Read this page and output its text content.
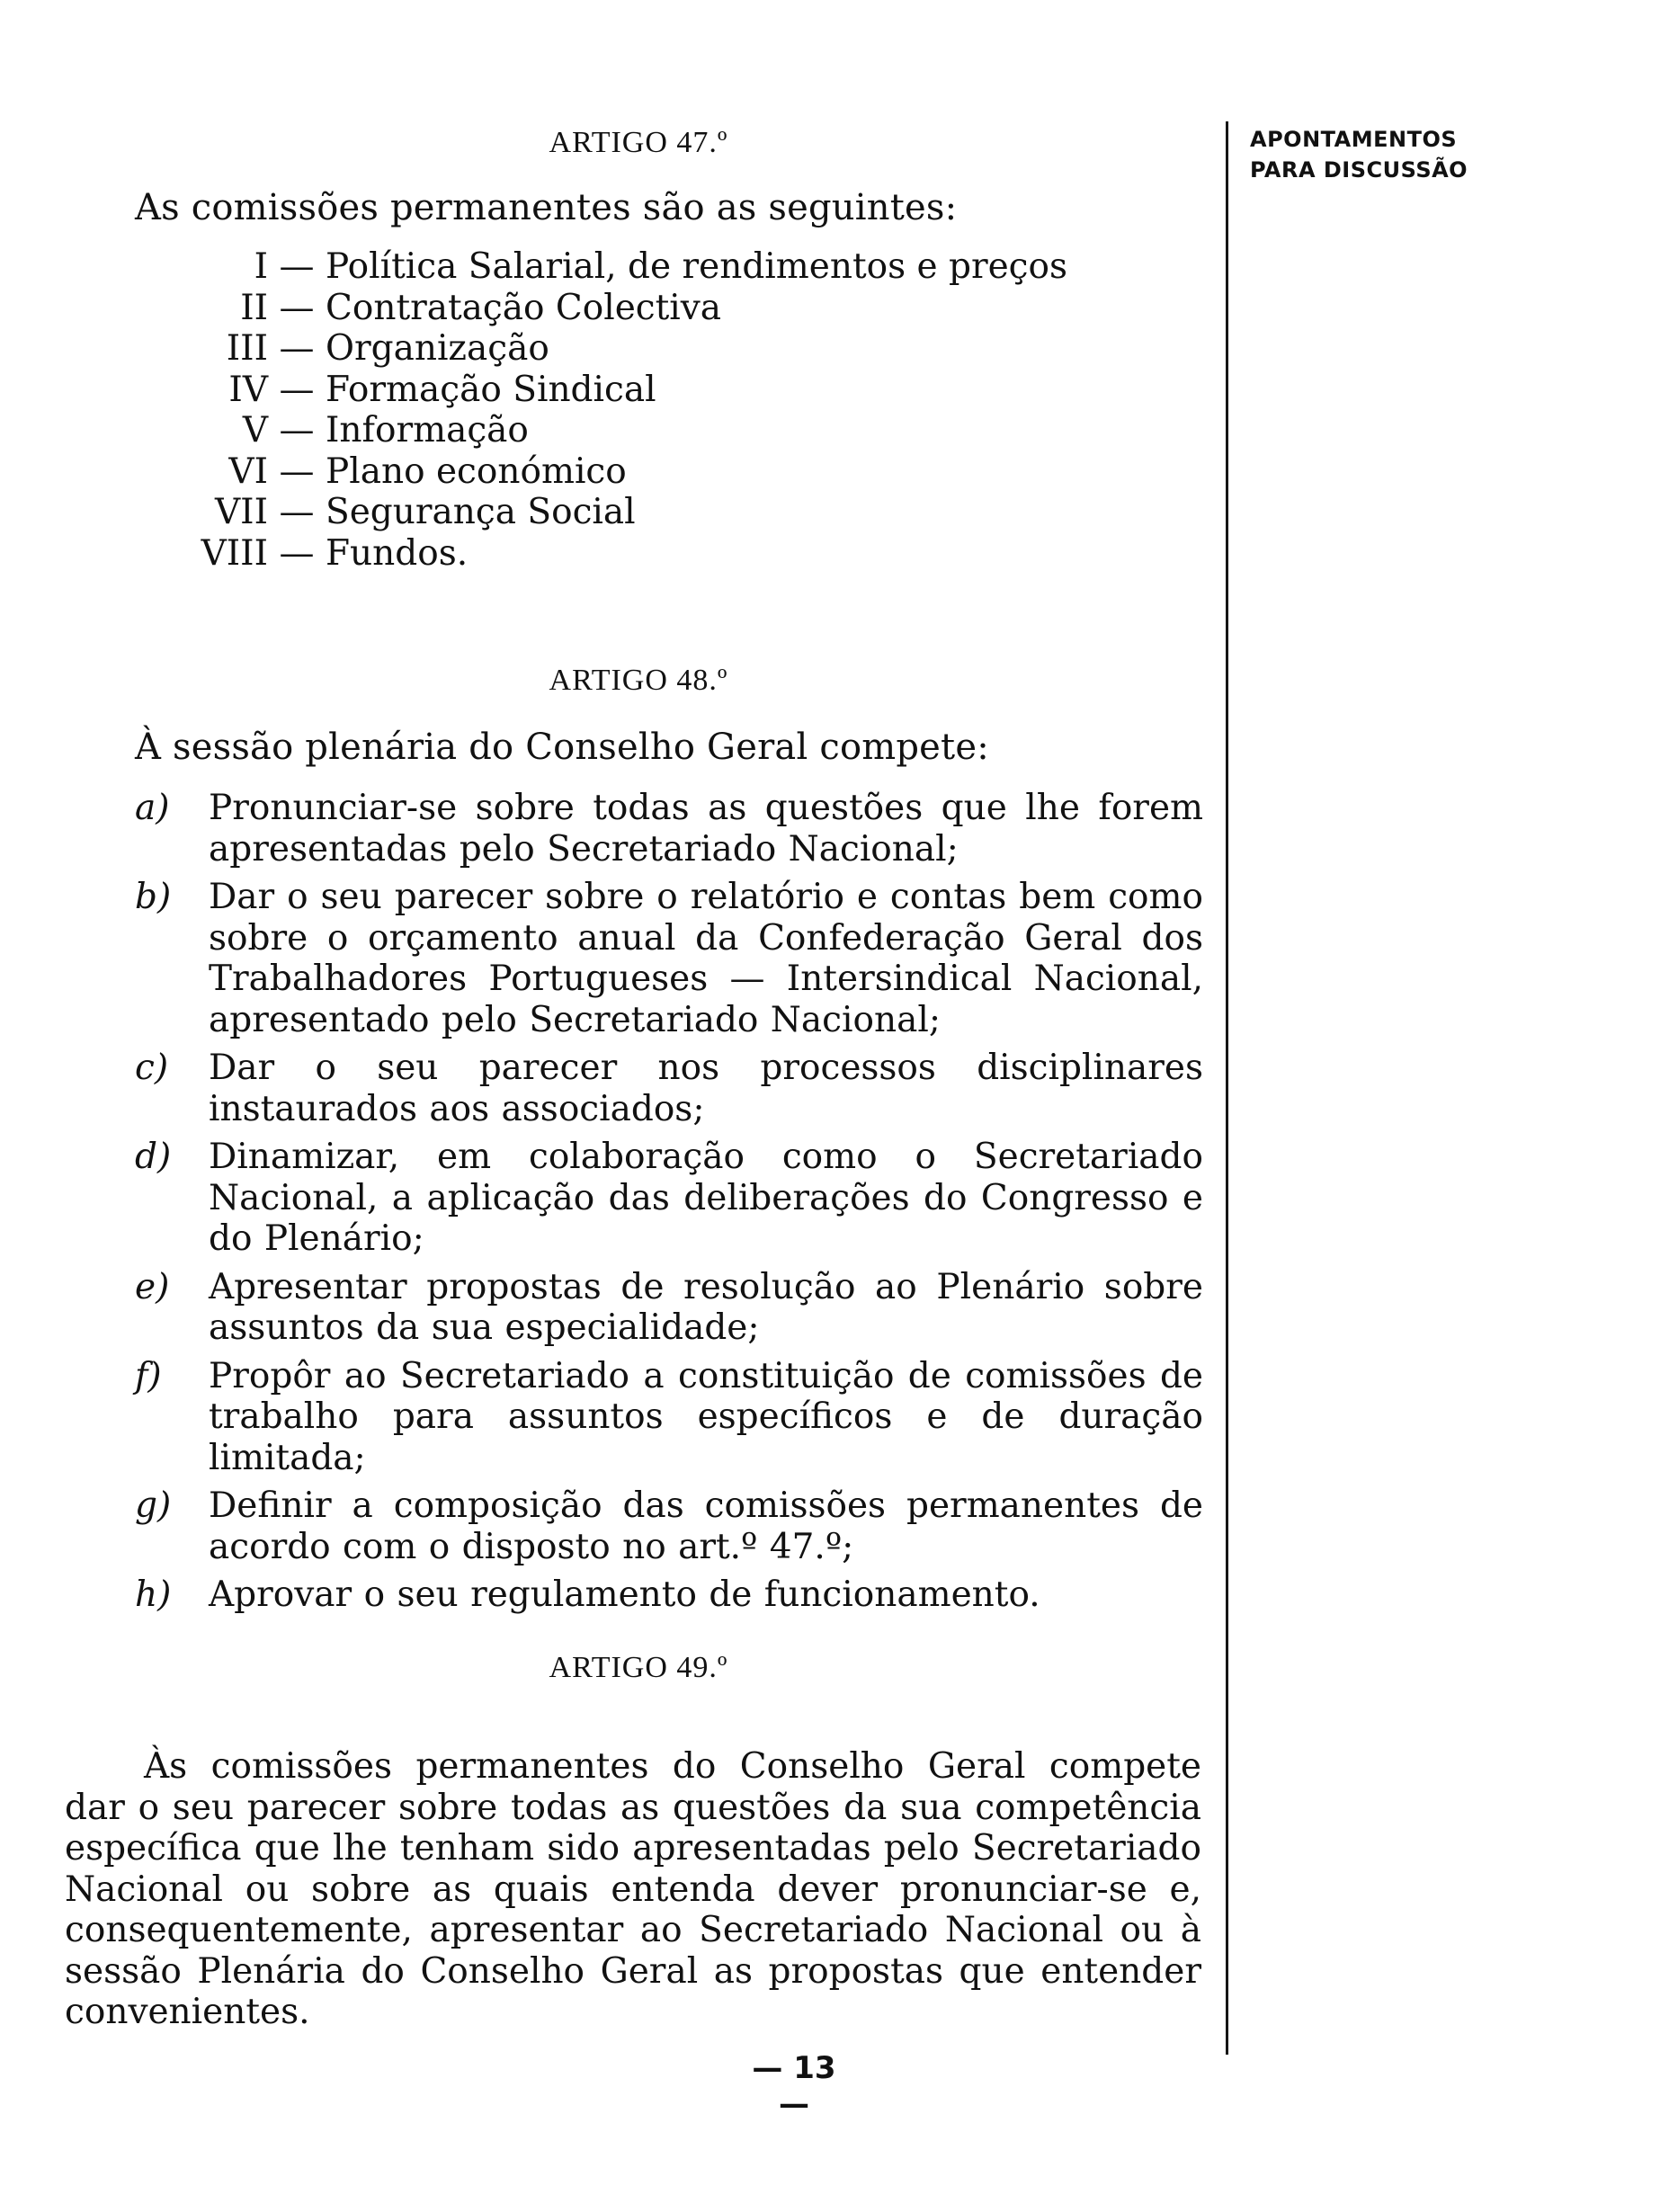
APONTAMENTOS
PARA DISCUSSÃO
ARTIGO 47.º
As comissões permanentes são as seguintes:
I — Política Salarial, de rendimentos e preços
II — Contratação Colectiva
III — Organização
IV — Formação Sindical
V — Informação
VI — Plano económico
VII — Segurança Social
VIII — Fundos.
ARTIGO 48.º
À sessão plenária do Conselho Geral compete:
a)	Pronunciar-se sobre todas as questões que lhe forem apresentadas pelo Secretariado Nacional;
b)	Dar o seu parecer sobre o relatório e contas bem como sobre o orçamento anual da Confederação Geral dos Trabalhadores Portugueses — Intersindical Nacional, apresentado pelo Secretariado Nacional;
c)	Dar o seu parecer nos processos disciplinares instaurados aos associados;
d)	Dinamizar, em colaboração como o Secretariado Nacional, a aplicação das deliberações do Congresso e do Plenário;
e)	Apresentar propostas de resolução ao Plenário sobre assuntos da sua especialidade;
f)	Propôr ao Secretariado a constituição de comissões de trabalho para assuntos específicos e de duração limitada;
g)	Definir a composição das comissões permanentes de acordo com o disposto no art.º 47.º;
h)	Aprovar o seu regulamento de funcionamento.
ARTIGO 49.º
Às comissões permanentes do Conselho Geral compete dar o seu parecer sobre todas as questões da sua competência específica que lhe tenham sido apresentadas pelo Secretariado Nacional ou sobre as quais entenda dever pronunciar-se e, consequentemente, apresentar ao Secretariado Nacional ou à sessão Plenária do Conselho Geral as propostas que entender convenientes.
— 13 —
